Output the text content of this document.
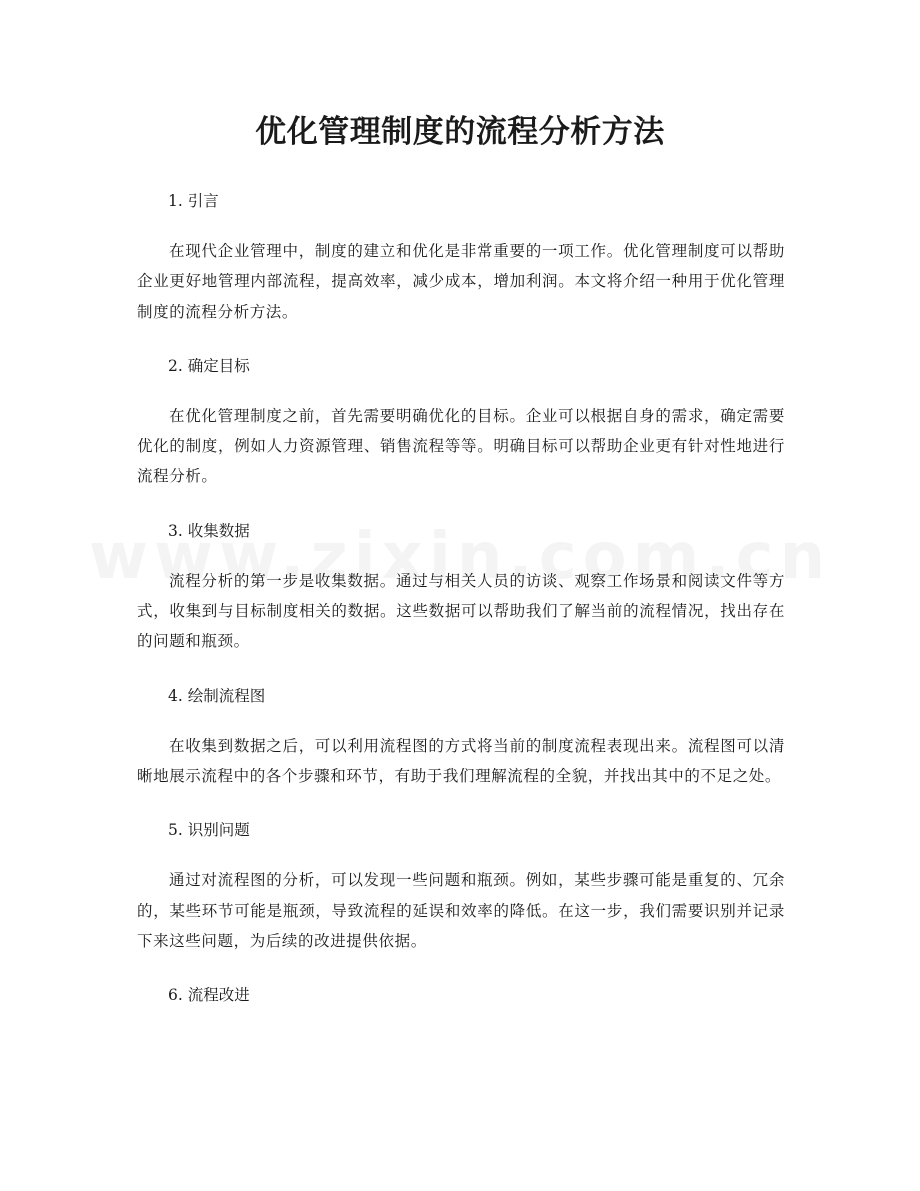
优化管理制度的流程分析方法

1. 引言

在现代企业管理中，制度的建立和优化是非常重要的一项工作。优化管理制度可以帮助企业更好地管理内部流程，提高效率，减少成本，增加利润。本文将介绍一种用于优化管理制度的流程分析方法。

2. 确定目标

在优化管理制度之前，首先需要明确优化的目标。企业可以根据自身的需求，确定需要优化的制度，例如人力资源管理、销售流程等等。明确目标可以帮助企业更有针对性地进行流程分析。

3. 收集数据

流程分析的第一步是收集数据。通过与相关人员的访谈、观察工作场景和阅读文件等方式，收集到与目标制度相关的数据。这些数据可以帮助我们了解当前的流程情况，找出存在的问题和瓶颈。

4. 绘制流程图

在收集到数据之后，可以利用流程图的方式将当前的制度流程表现出来。流程图可以清晰地展示流程中的各个步骤和环节，有助于我们理解流程的全貌，并找出其中的不足之处。

5. 识别问题

通过对流程图的分析，可以发现一些问题和瓶颈。例如，某些步骤可能是重复的、冗余的，某些环节可能是瓶颈，导致流程的延误和效率的降低。在这一步，我们需要识别并记录下来这些问题，为后续的改进提供依据。

6. 流程改进
